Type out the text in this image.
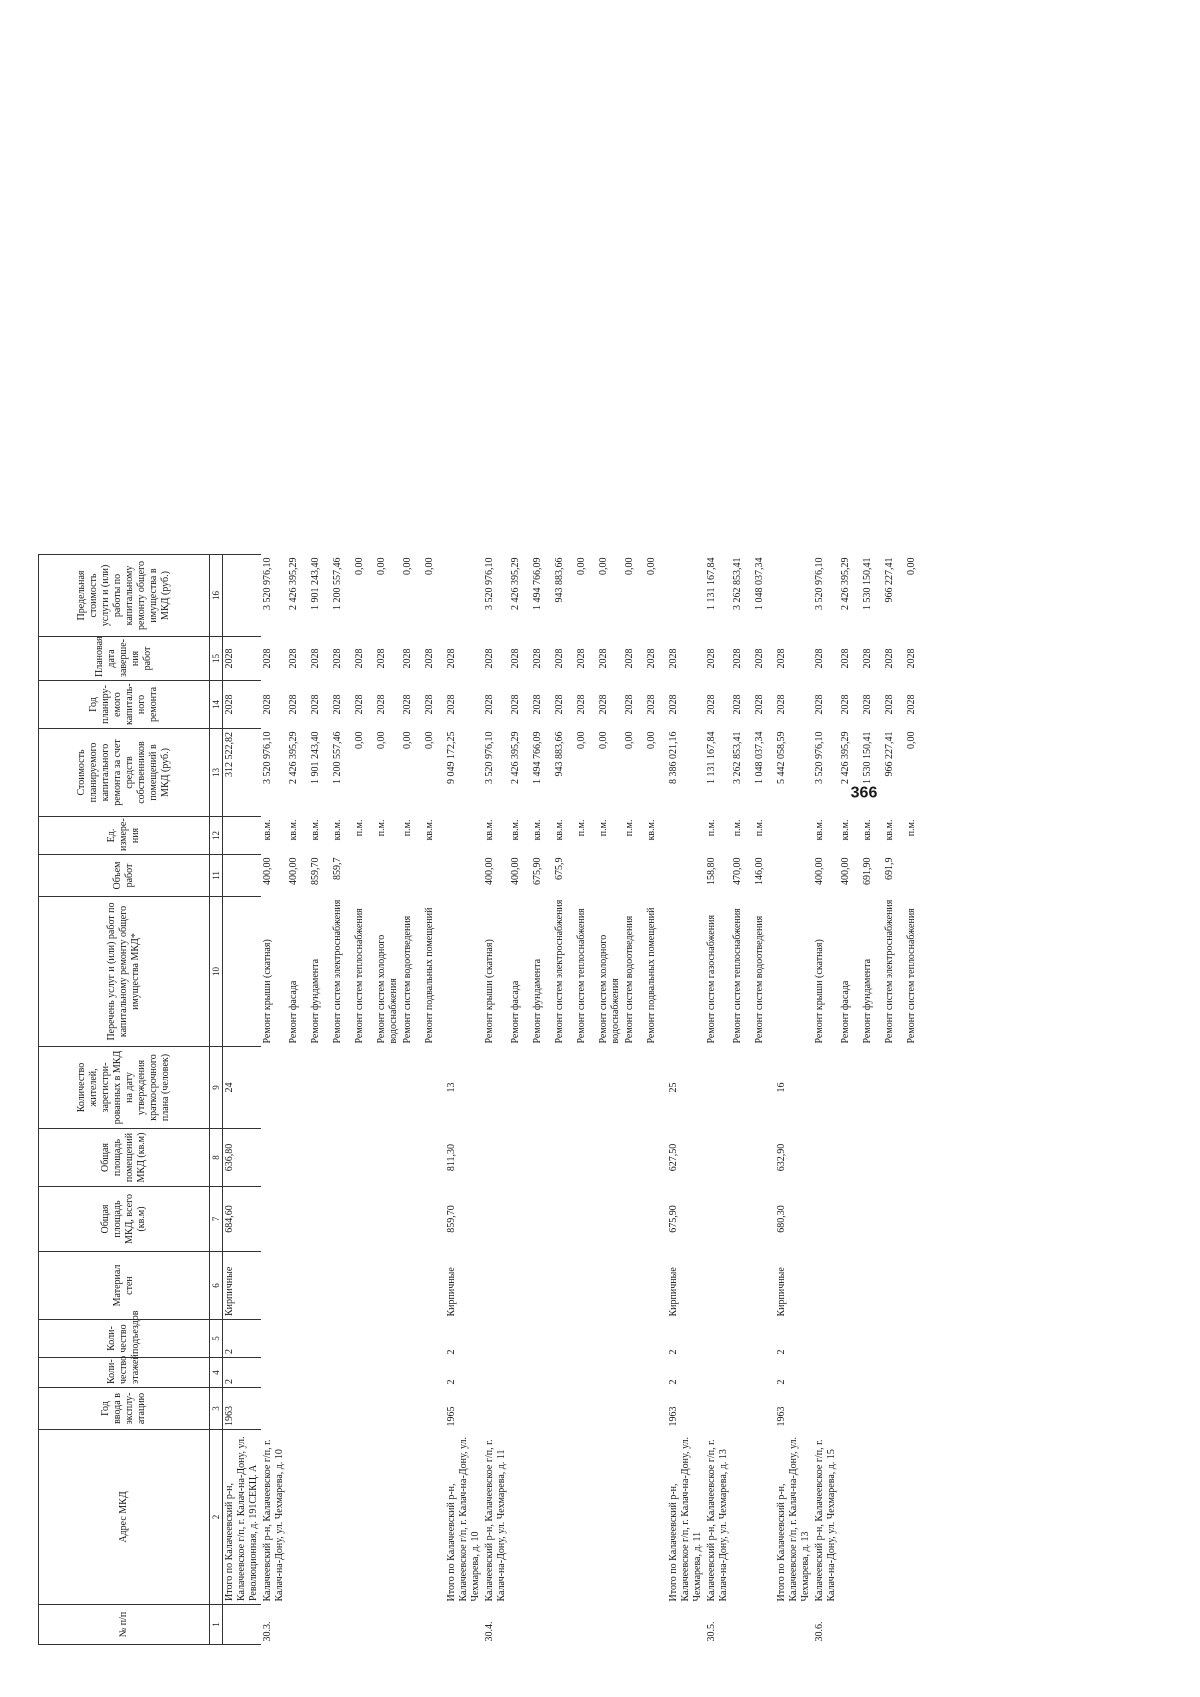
366
№ п/п	Адрес МКД	Год ввода в эксплу-атацию	Коли-чество этажей	Коли-чество подъездов	Материал стен	Общая площадь МКД, всего (кв.м)	Общая площадь помещений МКД (кв.м)	Количество жителей, зарегистри-рованных в МКД на дату утверждения краткосрочного плана (человек)	Перечень услуг и (или) работ по капитальному ремонту общего имущества МКД*	Объем работ	Ед. измере-ния	Стоимость планируемого капитального ремонта за счет средств собственников помещений в МКД (руб.)	Год планиру-емого капиталь-ного ремонта	Плановая дата заверше-ния работ	Предельная стоимость услуги и (или) работы по капитальному ремонту общего имущества в МКД (руб.)
1	2	3	4	5	6	7	8	9	10	11	12	13	14	15	16
	Итого по Калачеевский р-н, Калачеевское г/п, г. Калач-на-Дону, ул. Революционная, д. 191СЕКЦ. А	1963	2	2	Кирпичные	684,60	636,80	24				312 522,82	2028	2028	
30.3.	Калачеевский р-н, Калачеевское г/п, г. Калач-на-Дону, ул. Чехмарева, д. 10								Ремонт крыши (скатная)	400,00	кв.м.	3 520 976,10	2028	2028	3 520 976,10
									Ремонт фасада	400,00	кв.м.	2 426 395,29	2028	2028	2 426 395,29
									Ремонт фундамента	859,70	кв.м.	1 901 243,40	2028	2028	1 901 243,40
									Ремонт систем электроснабжения	859,7	кв.м.	1 200 557,46	2028	2028	1 200 557,46
									Ремонт систем теплоснабжения		п.м.	0,00	2028	2028	0,00
									Ремонт систем холодного водоснабжения		п.м.	0,00	2028	2028	0,00
									Ремонт систем водоотведения		п.м.	0,00	2028	2028	0,00
									Ремонт подвальных помещений		кв.м.	0,00	2028	2028	0,00
	Итого по Калачеевский р-н, Калачеевское г/п, г. Калач-на-Дону, ул. Чехмарева, д. 10	1965	2	2	Кирпичные	859,70	811,30	13				9 049 172,25	2028	2028	
30.4.	Калачеевский р-н, Калачеевское г/п, г. Калач-на-Дону, ул. Чехмарева, д. 11								Ремонт крыши (скатная)	400,00	кв.м.	3 520 976,10	2028	2028	3 520 976,10
									Ремонт фасада	400,00	кв.м.	2 426 395,29	2028	2028	2 426 395,29
									Ремонт фундамента	675,90	кв.м.	1 494 766,09	2028	2028	1 494 766,09
									Ремонт систем электроснабжения	675,9	кв.м.	943 883,66	2028	2028	943 883,66
									Ремонт систем теплоснабжения		п.м.	0,00	2028	2028	0,00
									Ремонт систем холодного водоснабжения		п.м.	0,00	2028	2028	0,00
									Ремонт систем водоотведения		п.м.	0,00	2028	2028	0,00
									Ремонт подвальных помещений		кв.м.	0,00	2028	2028	0,00
	Итого по Калачеевский р-н, Калачеевское г/п, г. Калач-на-Дону, ул. Чехмарева, д. 11	1963	2	2	Кирпичные	675,90	627,50	25				8 386 021,16	2028	2028	
30.5.	Калачеевский р-н, Калачеевское г/п, г. Калач-на-Дону, ул. Чехмарева, д. 13								Ремонт систем газоснабжения	158,80	п.м.	1 131 167,84	2028	2028	1 131 167,84
									Ремонт систем теплоснабжения	470,00	п.м.	3 262 853,41	2028	2028	3 262 853,41
									Ремонт систем водоотведения	146,00	п.м.	1 048 037,34	2028	2028	1 048 037,34
	Итого по Калачеевский р-н, Калачеевское г/п, г. Калач-на-Дону, ул. Чехмарева, д. 13	1963	2	2	Кирпичные	680,30	632,90	16				5 442 058,59	2028	2028	
30.6.	Калачеевский р-н, Калачеевское г/п, г. Калач-на-Дону, ул. Чехмарева, д. 15								Ремонт крыши (скатная)	400,00	кв.м.	3 520 976,10	2028	2028	3 520 976,10
									Ремонт фасада	400,00	кв.м.	2 426 395,29	2028	2028	2 426 395,29
									Ремонт фундамента	691,90	кв.м.	1 530 150,41	2028	2028	1 530 150,41
									Ремонт систем электроснабжения	691,9	кв.м.	966 227,41	2028	2028	966 227,41
									Ремонт систем теплоснабжения		п.м.	0,00	2028	2028	0,00
